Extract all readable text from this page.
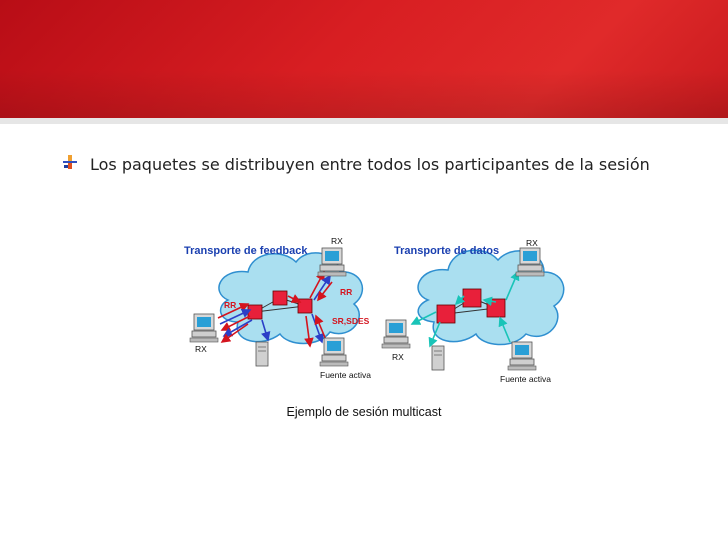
Los paquetes se distribuyen entre todos los participantes de la sesión
Transporte de feedback
RX
RX
RR
RR
SR,SDES
Fuente activa
Transporte de datos
RX
RX
Fuente activa
Ejemplo de sesión multicast
